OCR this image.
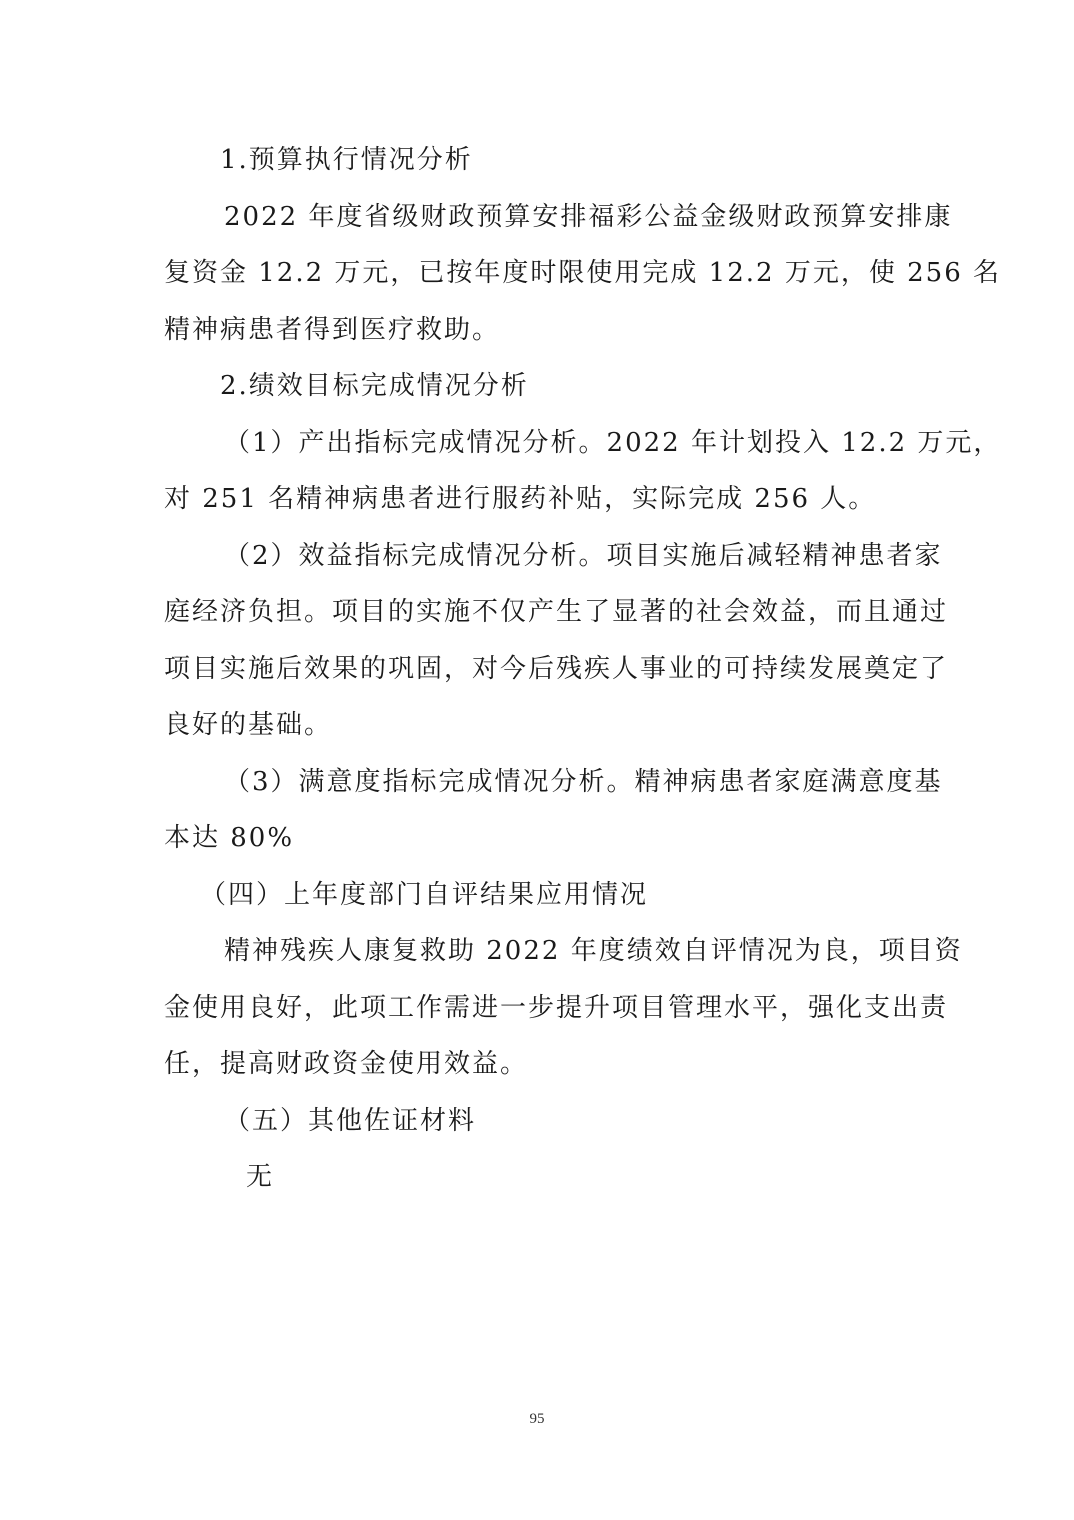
1.预算执行情况分析
2022 年度省级财政预算安排福彩公益金级财政预算安排康
复资金 12.2 万元，已按年度时限使用完成 12.2 万元，使 256 名
精神病患者得到医疗救助。
2.绩效目标完成情况分析
（1）产出指标完成情况分析。2022 年计划投入 12.2 万元，
对 251 名精神病患者进行服药补贴，实际完成 256 人。
（2）效益指标完成情况分析。项目实施后减轻精神患者家
庭经济负担。项目的实施不仅产生了显著的社会效益，而且通过
项目实施后效果的巩固，对今后残疾人事业的可持续发展奠定了
良好的基础。
（3）满意度指标完成情况分析。精神病患者家庭满意度基
本达 80%
（四）上年度部门自评结果应用情况
精神残疾人康复救助 2022 年度绩效自评情况为良，项目资
金使用良好，此项工作需进一步提升项目管理水平，强化支出责
任，提高财政资金使用效益。
（五）其他佐证材料
无
95
